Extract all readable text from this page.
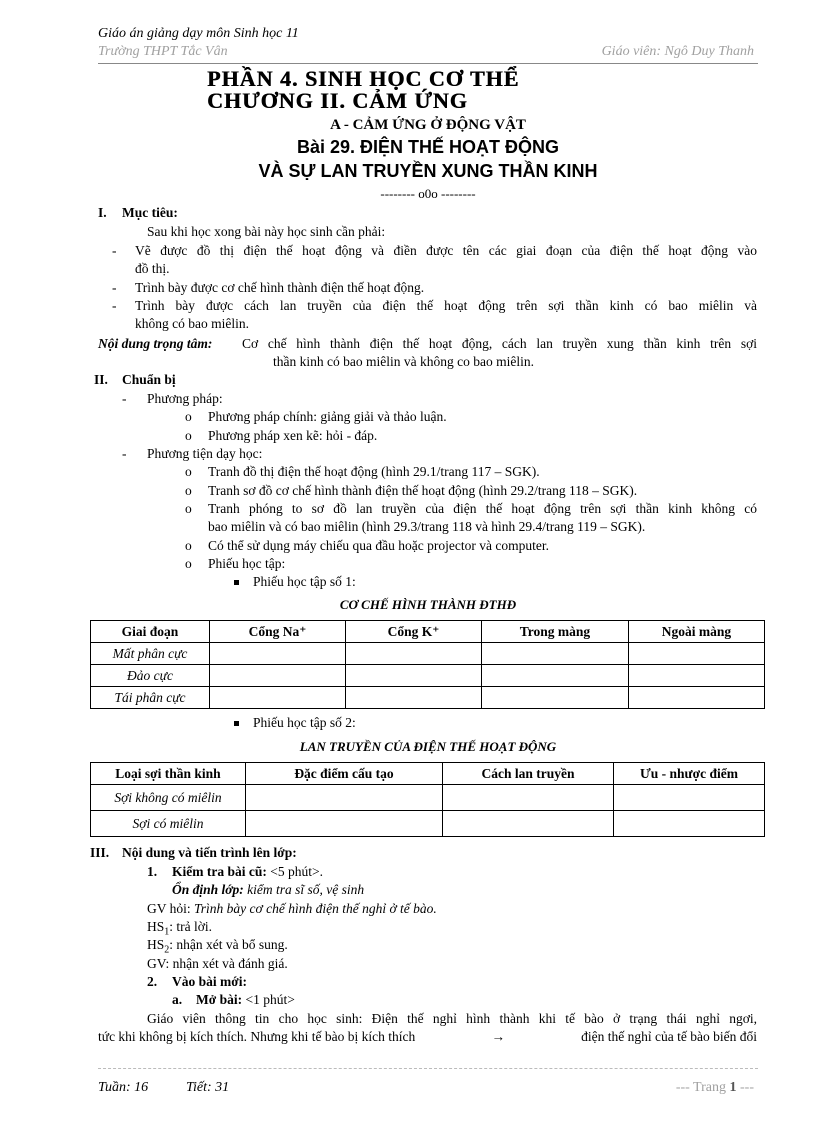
Giáo án giảng dạy môn Sinh học 11
Trường THPT Tắc Vân	Giáo viên: Ngô Duy Thanh
PHẦN 4. SINH HỌC CƠ THỂ
CHƯƠNG II. CẢM ỨNG
A - CẢM ỨNG Ở ĐỘNG VẬT
Bài 29. ĐIỆN THẾ HOẠT ĐỘNG
VÀ SỰ LAN TRUYỀN XUNG THẦN KINH
-------- o0o --------
I. Mục tiêu:
Sau khi học xong bài này học sinh cần phải:
- Vẽ được đồ thị điện thế hoạt động và điền được tên các giai đoạn của điện thế hoạt động vào
đồ thị.
- Trình bày được cơ chế hình thành điện thế hoạt động.
- Trình bày được cách lan truyền của điện thế hoạt động trên sợi thần kinh có bao miêlin và
không có bao miêlin.
Nội dung trọng tâm: Cơ chế hình thành điện thế hoạt động, cách lan truyền xung thần kinh trên sợi
thần kinh có bao miêlin và không co bao miêlin.
II. Chuẩn bị
- Phương pháp:
o Phương pháp chính: giảng giải và thảo luận.
o Phương pháp xen kẽ: hỏi - đáp.
- Phương tiện dạy học:
o Tranh đồ thị điện thế hoạt động (hình 29.1/trang 117 – SGK).
o Tranh sơ đồ cơ chế hình thành điện thế hoạt động (hình 29.2/trang 118 – SGK).
o Tranh phóng to sơ đồ lan truyền của điện thế hoạt động trên sợi thần kinh không có
bao miêlin và có bao miêlin (hình 29.3/trang 118 và hình 29.4/trang 119 – SGK).
o Có thể sử dụng máy chiếu qua đầu hoặc projector và computer.
o Phiếu học tập:
Phiếu học tập số 1:
CƠ CHẾ HÌNH THÀNH ĐTHĐ
Giai đoạn	Cổng Na⁺	Cổng K⁺	Trong màng	Ngoài màng
Mất phân cực				
Đảo cực				
Tái phân cực				
Phiếu học tập số 2:
LAN TRUYỀN CỦA ĐIỆN THẾ HOẠT ĐỘNG
Loại sợi thần kinh	Đặc điểm cấu tạo	Cách lan truyền	Ưu - nhược điểm
Sợi không có miêlin			
Sợi có miêlin			
III. Nội dung và tiến trình lên lớp:
1. Kiểm tra bài cũ: <5 phút>.
Ổn định lớp: kiểm tra sĩ số, vệ sinh
GV hỏi: Trình bày cơ chế hình điện thế nghỉ ở tế bào.
$HS_1$: trả lời.
$HS_2$: nhận xét và bổ sung.
GV: nhận xét và đánh giá.
2. Vào bài mới:
a. Mở bài: <1 phút>
Giáo viên thông tin cho học sinh: Điện thế nghỉ hình thành khi tế bào ở trạng thái nghỉ ngơi,
tức khi không bị kích thích. Nhưng khi tế bào bị kích thích	→	điện thế nghỉ của tế bào biến đổi
Tuần: 16	Tiết: 31	--- Trang 1 ---
